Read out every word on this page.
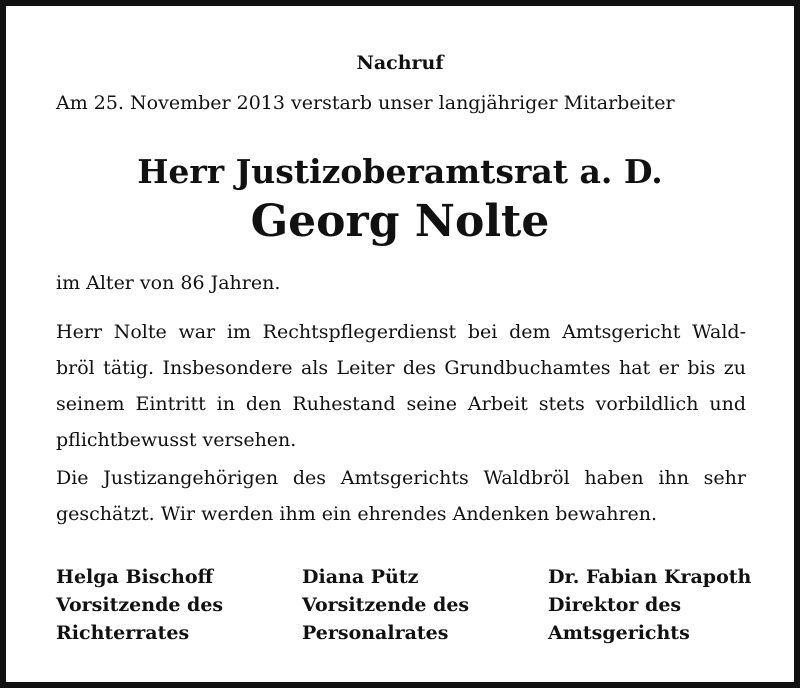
Nachruf
Am 25. November 2013 verstarb unser langjähriger Mitarbeiter
Herr Justizoberamtsrat a. D.
Georg Nolte
im Alter von 86 Jahren.
Herr Nolte war im Rechtspflegerdienst bei dem Amtsgericht Wald-
bröl tätig. Insbesondere als Leiter des Grundbuchamtes hat er bis zu
seinem Eintritt in den Ruhestand seine Arbeit stets vorbildlich und
pflichtbewusst versehen.
Die Justizangehörigen des Amtsgerichts Waldbröl haben ihn sehr
geschätzt. Wir werden ihm ein ehrendes Andenken bewahren.
Helga Bischoff
Vorsitzende des
Richterrates
Diana Pütz
Vorsitzende des
Personalrates
Dr. Fabian Krapoth
Direktor des
Amtsgerichts
